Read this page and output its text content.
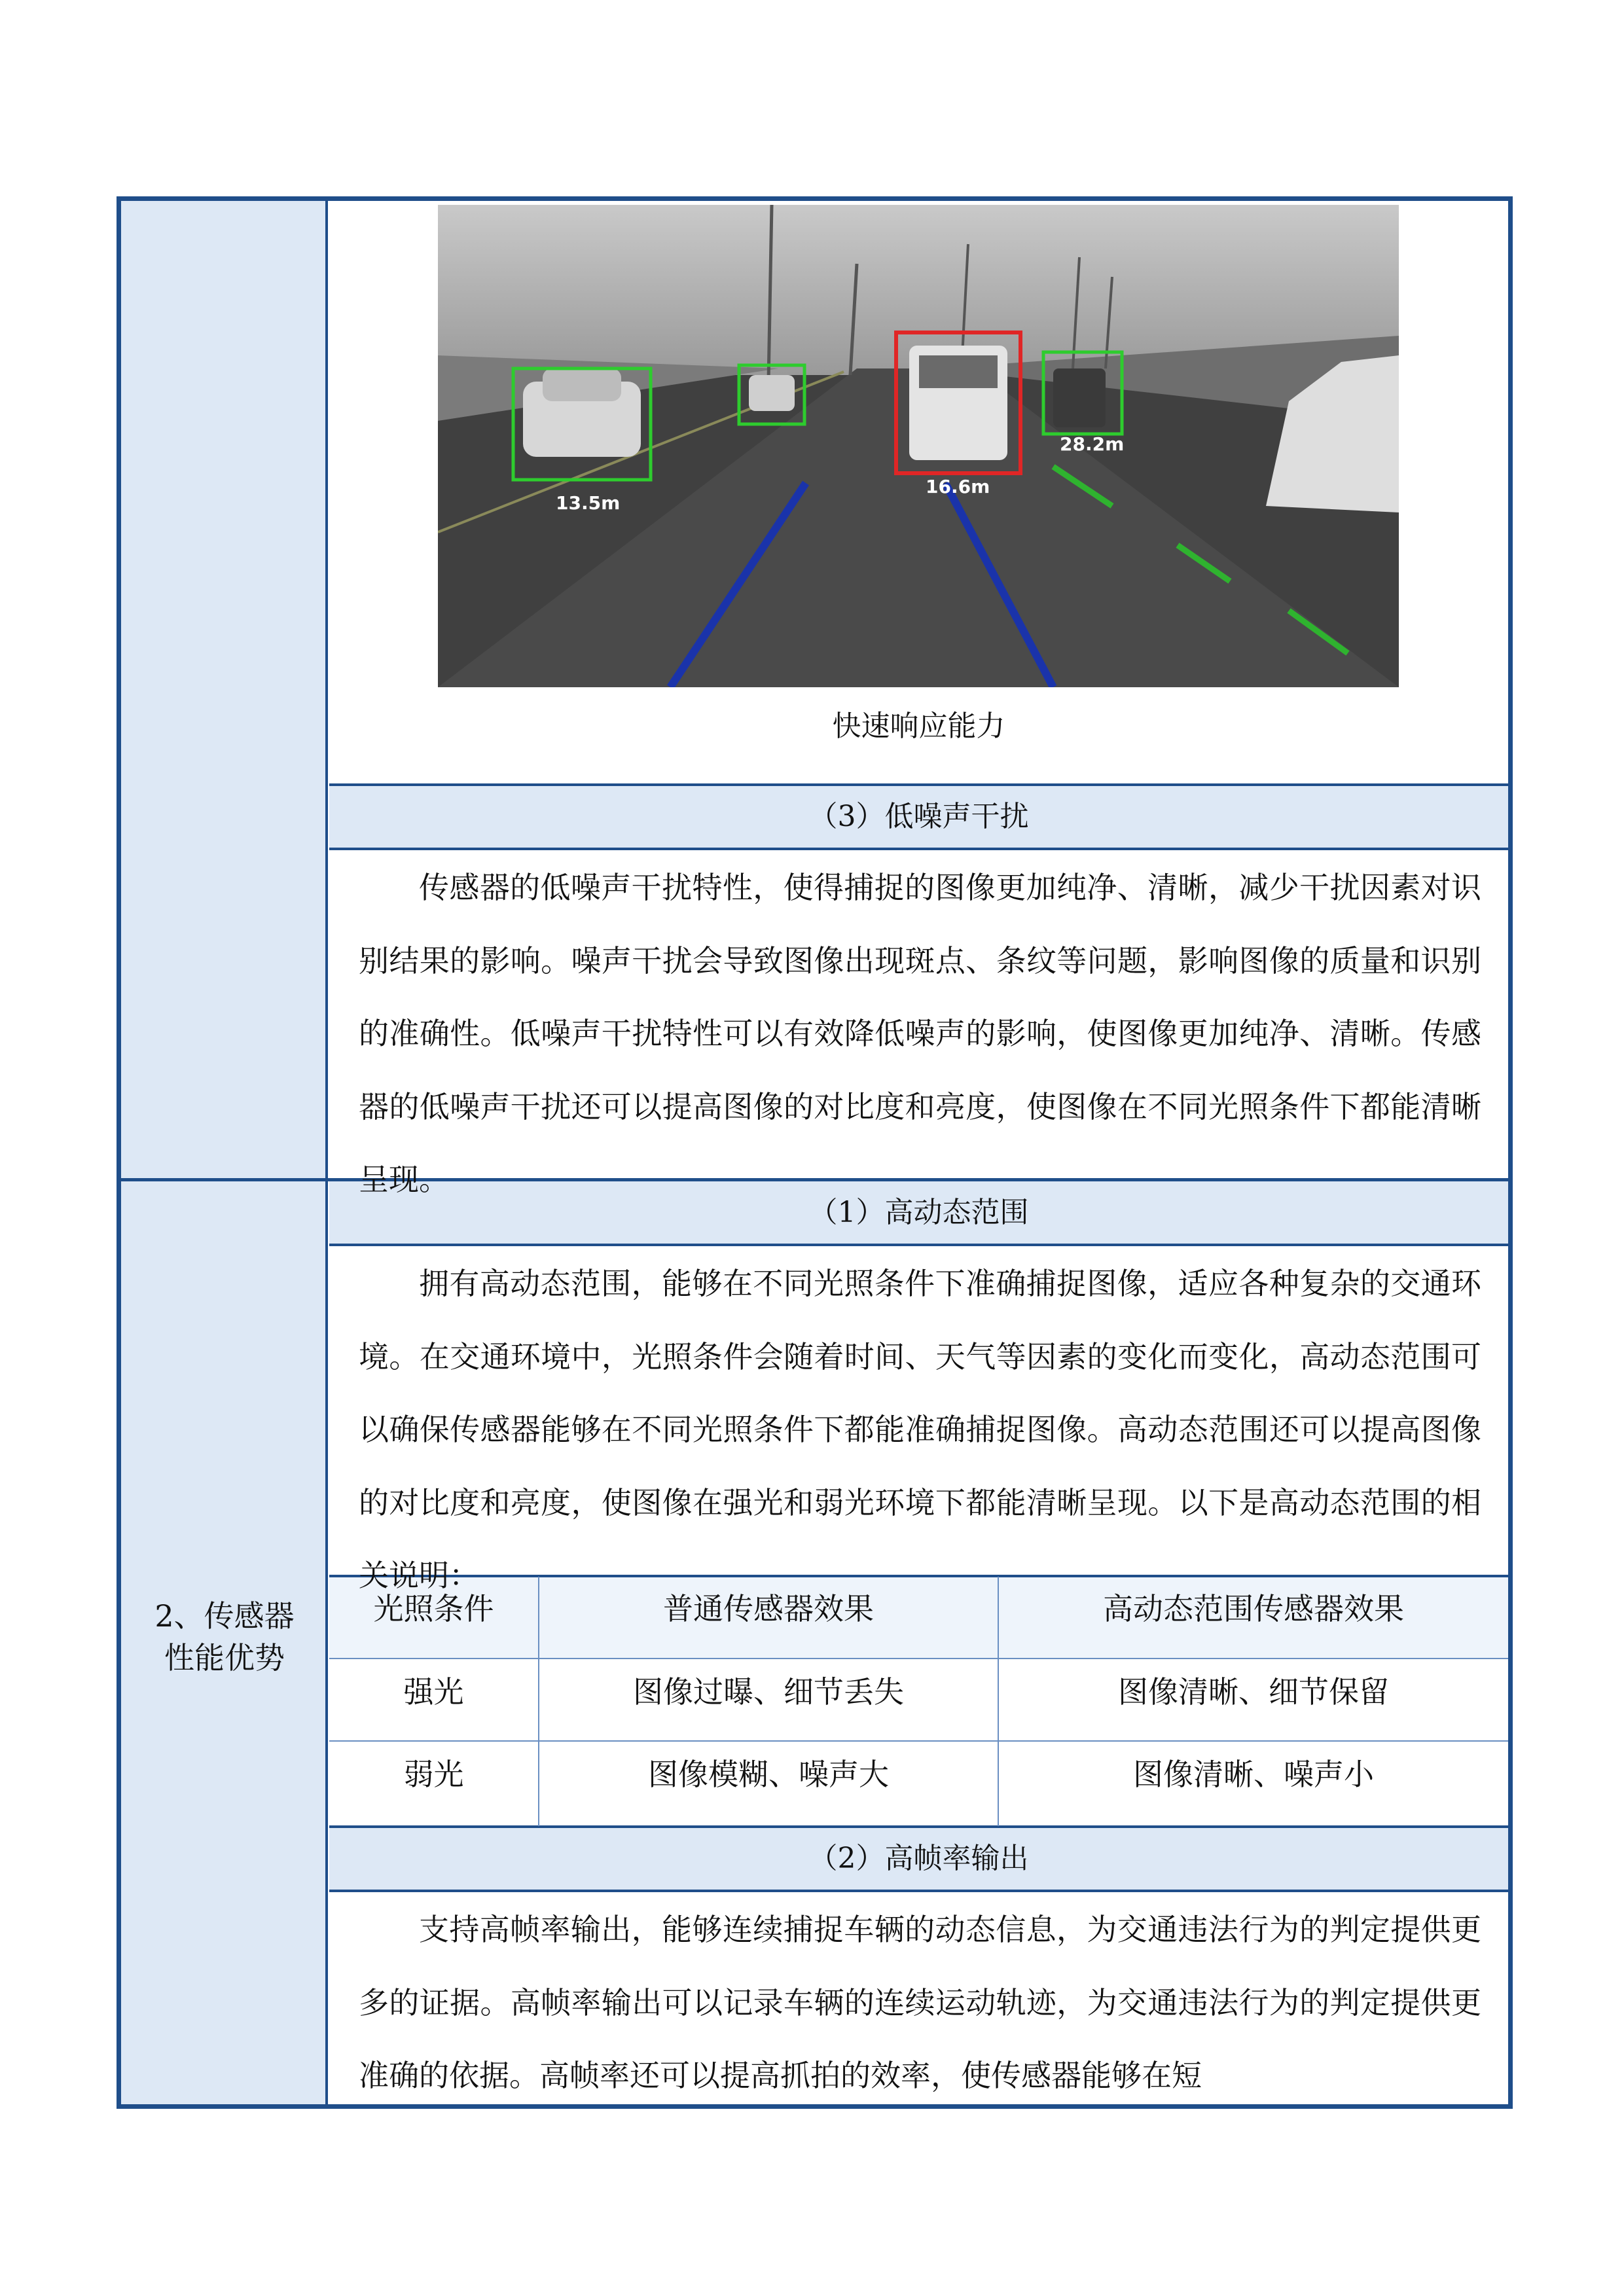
13.5m
16.6m
28.2m
快速响应能力
（3）低噪声干扰

传感器的低噪声干扰特性，使得捕捉的图像更加纯净、清晰，减少干扰因素对识别结果的影响。噪声干扰会导致图像出现斑点、条纹等问题，影响图像的质量和识别的准确性。低噪声干扰特性可以有效降低噪声的影响，使图像更加纯净、清晰。传感器的低噪声干扰还可以提高图像的对比度和亮度，使图像在不同光照条件下都能清晰呈现。

2、传感器
性能优势
（1）高动态范围

拥有高动态范围，能够在不同光照条件下准确捕捉图像，适应各种复杂的交通环境。在交通环境中，光照条件会随着时间、天气等因素的变化而变化，高动态范围可以确保传感器能够在不同光照条件下都能准确捕捉图像。高动态范围还可以提高图像的对比度和亮度，使图像在强光和弱光环境下都能清晰呈现。以下是高动态范围的相关说明：

光照条件	普通传感器效果	高动态范围传感器效果
强光	图像过曝、细节丢失	图像清晰、细节保留
弱光	图像模糊、噪声大	图像清晰、噪声小
（2）高帧率输出

支持高帧率输出，能够连续捕捉车辆的动态信息，为交通违法行为的判定提供更多的证据。高帧率输出可以记录车辆的连续运动轨迹，为交通违法行为的判定提供更准确的依据。高帧率还可以提高抓拍的效率，使传感器能够在短
